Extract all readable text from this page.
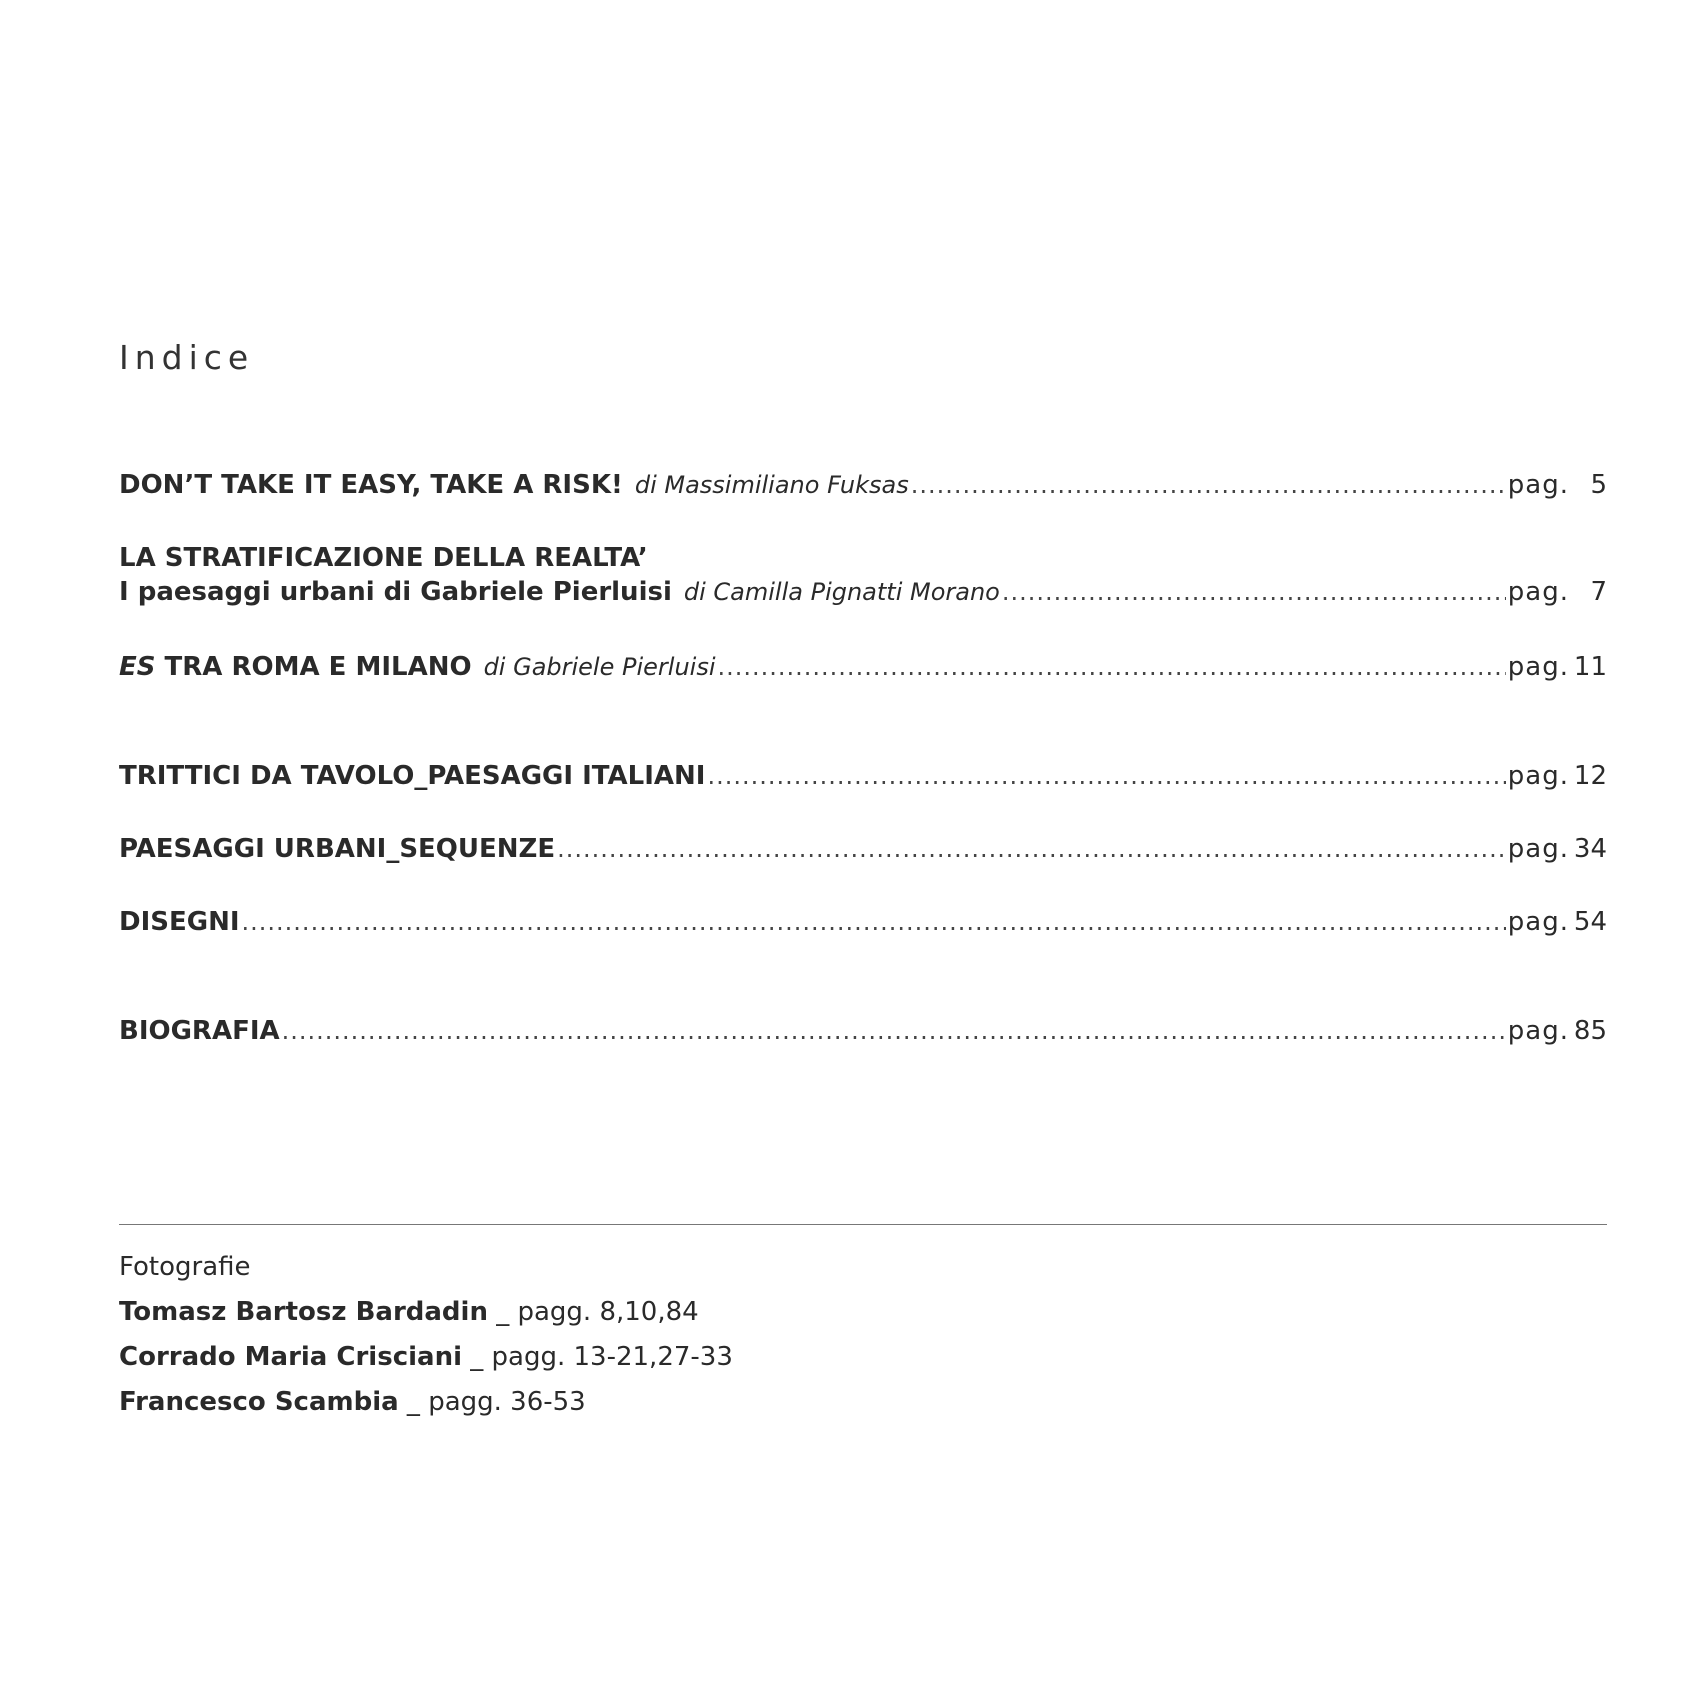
Indice
DON’T TAKE IT EASY, TAKE A RISK! di Massimiliano Fuksas .....	pag. 5
LA STRATIFICAZIONE DELLA REALTA’
I paesaggi urbani di Gabriele Pierluisi di Camilla Pignatti Morano .....	pag. 7
ES TRA ROMA E MILANO di Gabriele Pierluisi .....	pag. 11
TRITTICI DA TAVOLO_PAESAGGI ITALIANI .....	pag. 12
PAESAGGI URBANI_SEQUENZE .....	pag. 34
DISEGNI .....	pag. 54
BIOGRAFIA .....	pag. 85
Fotografie
Tomasz Bartosz Bardadin _ pagg. 8,10,84
Corrado Maria Crisciani _ pagg. 13-21,27-33
Francesco Scambia _ pagg. 36-53
